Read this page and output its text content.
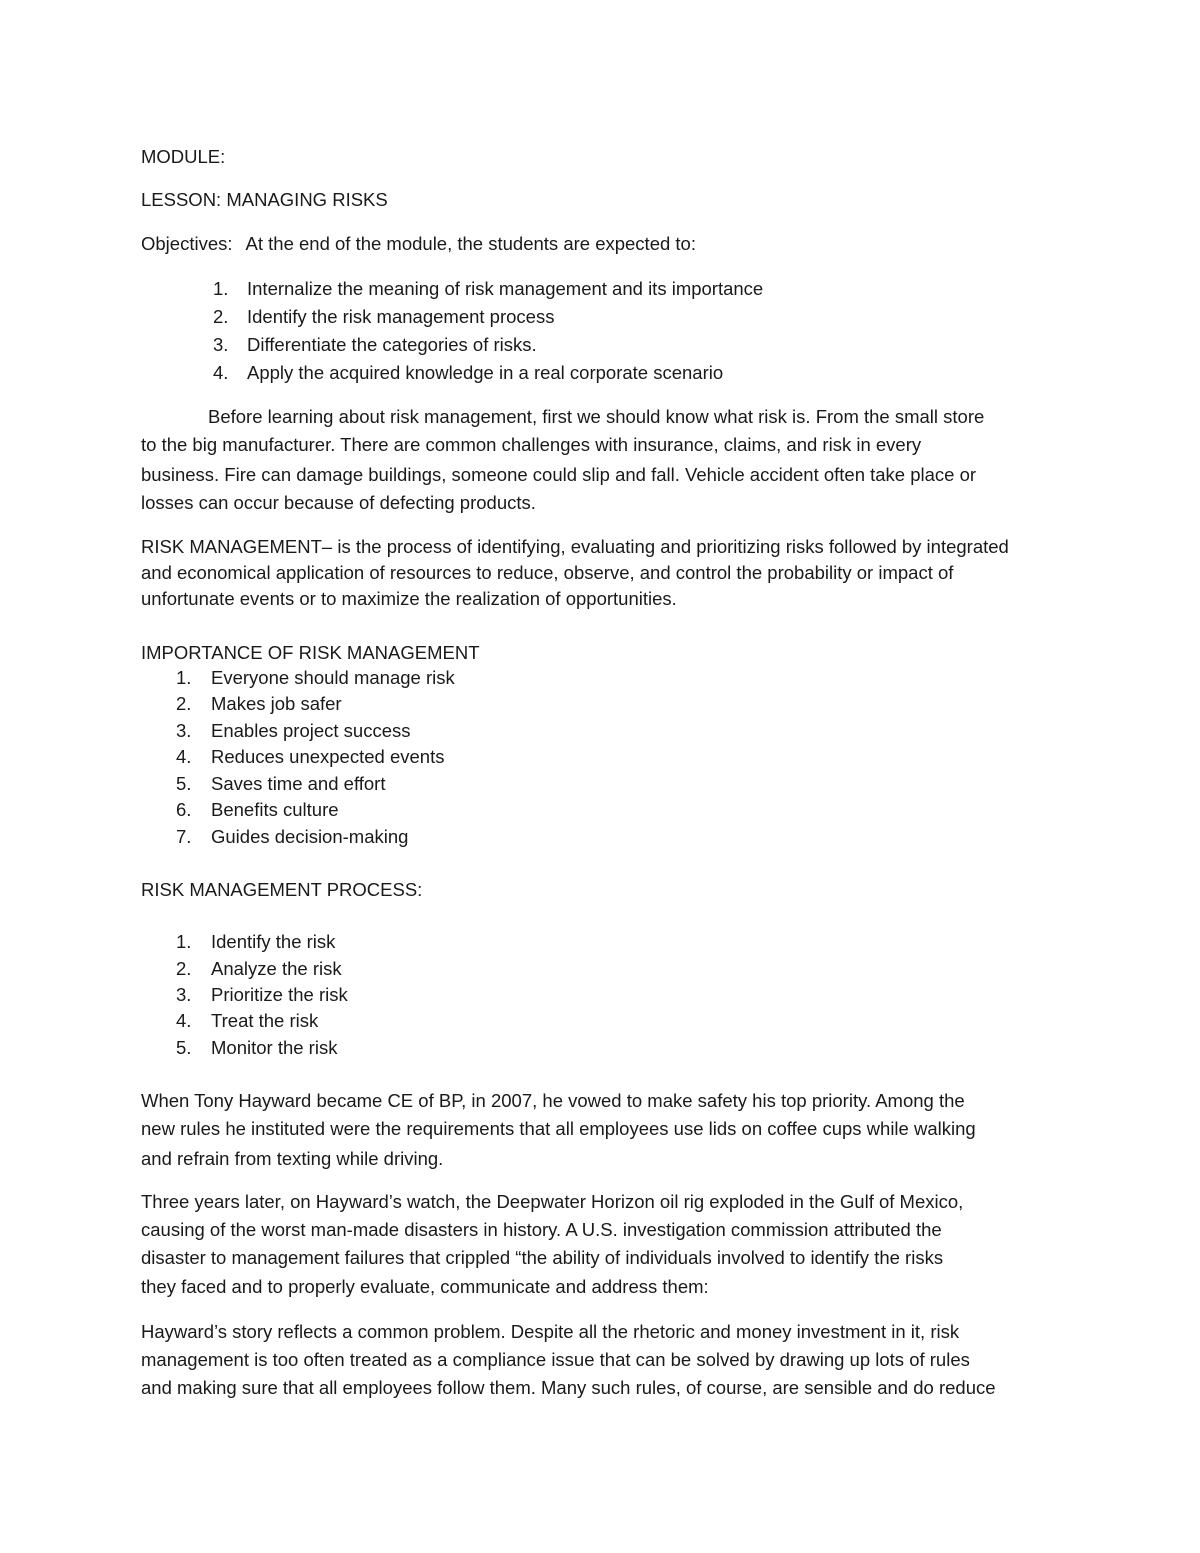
MODULE:
LESSON: MANAGING RISKS
Objectives: At the end of the module, the students are expected to:
1. Internalize the meaning of risk management and its importance
2. Identify the risk management process
3. Differentiate the categories of risks.
4. Apply the acquired knowledge in a real corporate scenario
Before learning about risk management, first we should know what risk is. From the small store
to the big manufacturer. There are common challenges with insurance, claims, and risk in every
business. Fire can damage buildings, someone could slip and fall. Vehicle accident often take place or
losses can occur because of defecting products.
RISK MANAGEMENT– is the process of identifying, evaluating and prioritizing risks followed by integrated
and economical application of resources to reduce, observe, and control the probability or impact of
unfortunate events or to maximize the realization of opportunities.
IMPORTANCE OF RISK MANAGEMENT
1. Everyone should manage risk
2. Makes job safer
3. Enables project success
4. Reduces unexpected events
5. Saves time and effort
6. Benefits culture
7. Guides decision-making
RISK MANAGEMENT PROCESS:
1. Identify the risk
2. Analyze the risk
3. Prioritize the risk
4. Treat the risk
5. Monitor the risk
When Tony Hayward became CE of BP, in 2007, he vowed to make safety his top priority. Among the
new rules he instituted were the requirements that all employees use lids on coffee cups while walking
and refrain from texting while driving.
Three years later, on Hayward’s watch, the Deepwater Horizon oil rig exploded in the Gulf of Mexico,
causing of the worst man-made disasters in history. A U.S. investigation commission attributed the
disaster to management failures that crippled “the ability of individuals involved to identify the risks
they faced and to properly evaluate, communicate and address them:
Hayward’s story reflects a common problem. Despite all the rhetoric and money investment in it, risk
management is too often treated as a compliance issue that can be solved by drawing up lots of rules
and making sure that all employees follow them. Many such rules, of course, are sensible and do reduce
